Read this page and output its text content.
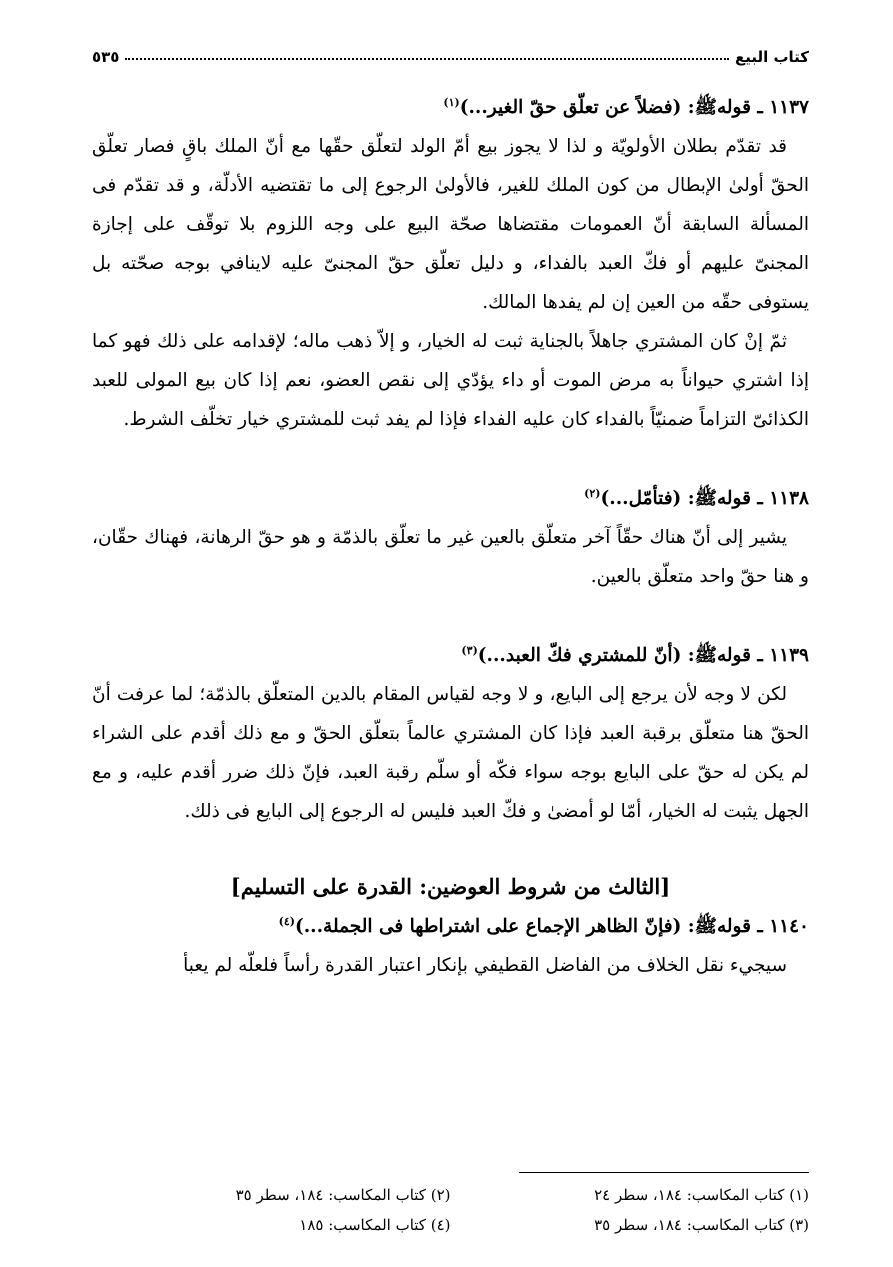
كتاب البيع
٥٣٥

١١٣٧ ـ قولهﷺ: (فضلاً عن تعلّق حقّ الغير...)$^{(١)}$

قد تقدّم بطلان الأولويّة و لذا لا يجوز بيع أمّ الولد لتعلّق حقّها مع أنّ الملك باقٍ فصار تعلّق الحقّ أولىٰ الإبطال من كون الملك للغير، فالأولىٰ الرجوع إلى ما تقتضيه الأدلّة، و قد تقدّم فى المسألة السابقة أنّ العمومات مقتضاها صحّة البيع على وجه اللزوم بلا توقّف على إجازة المجنىّ عليهم أو فكّ العبد بالفداء، و دليل تعلّق حقّ المجنىّ عليه لاينافي بوجه صحّته بل يستوفى حقّه من العين إن لم يفدها المالك.

ثمّ إنْ كان المشتري جاهلاً بالجناية ثبت له الخيار، و إلاّ ذهب ماله؛ لإقدامه على ذلك فهو كما إذا اشتري حيواناً به مرض الموت أو داء يؤدّي إلى نقص العضو، نعم إذا كان بيع المولى للعبد الكذائىّ التزاماً ضمنيّاً بالفداء كان عليه الفداء فإذا لم يفد ثبت للمشتري خيار تخلّف الشرط.

١١٣٨ ـ قولهﷺ: (فتأمّل...)$^{(٢)}$

يشير إلى أنّ هناك حقّاً آخر متعلّق بالعين غير ما تعلّق بالذمّة و هو حقّ الرهانة، فهناك حقّان، و هنا حقّ واحد متعلّق بالعين.

١١٣٩ ـ قولهﷺ: (أنّ للمشتري فكّ العبد...)$^{(٣)}$

لكن لا وجه لأن يرجع إلى البايع، و لا وجه لقياس المقام بالدين المتعلّق بالذمّة؛ لما عرفت أنّ الحقّ هنا متعلّق برقبة العبد فإذا كان المشتري عالماً بتعلّق الحقّ و مع ذلك أقدم على الشراء لم يكن له حقّ على البايع بوجه سواء فكّه أو سلّم رقبة العبد، فإنّ ذلك ضرر أقدم عليه، و مع الجهل يثبت له الخيار، أمّا لو أمضىٰ و فكّ العبد فليس له الرجوع إلى البايع فى ذلك.

[الثالث من شروط العوضين: القدرة على التسليم]

١١٤٠ ـ قولهﷺ: (فإنّ الظاهر الإجماع على اشتراطها فى الجملة...)$^{(٤)}$

سيجيء نقل الخلاف من الفاضل القطيفي بإنكار اعتبار القدرة رأساً فلعلّه لم يعبأ

(١) كتاب المكاسب: ١٨٤، سطر ٢٤
(٢) كتاب المكاسب: ١٨٤، سطر ٣٥
(٣) كتاب المكاسب: ١٨٤، سطر ٣٥
(٤) كتاب المكاسب: ١٨٥
